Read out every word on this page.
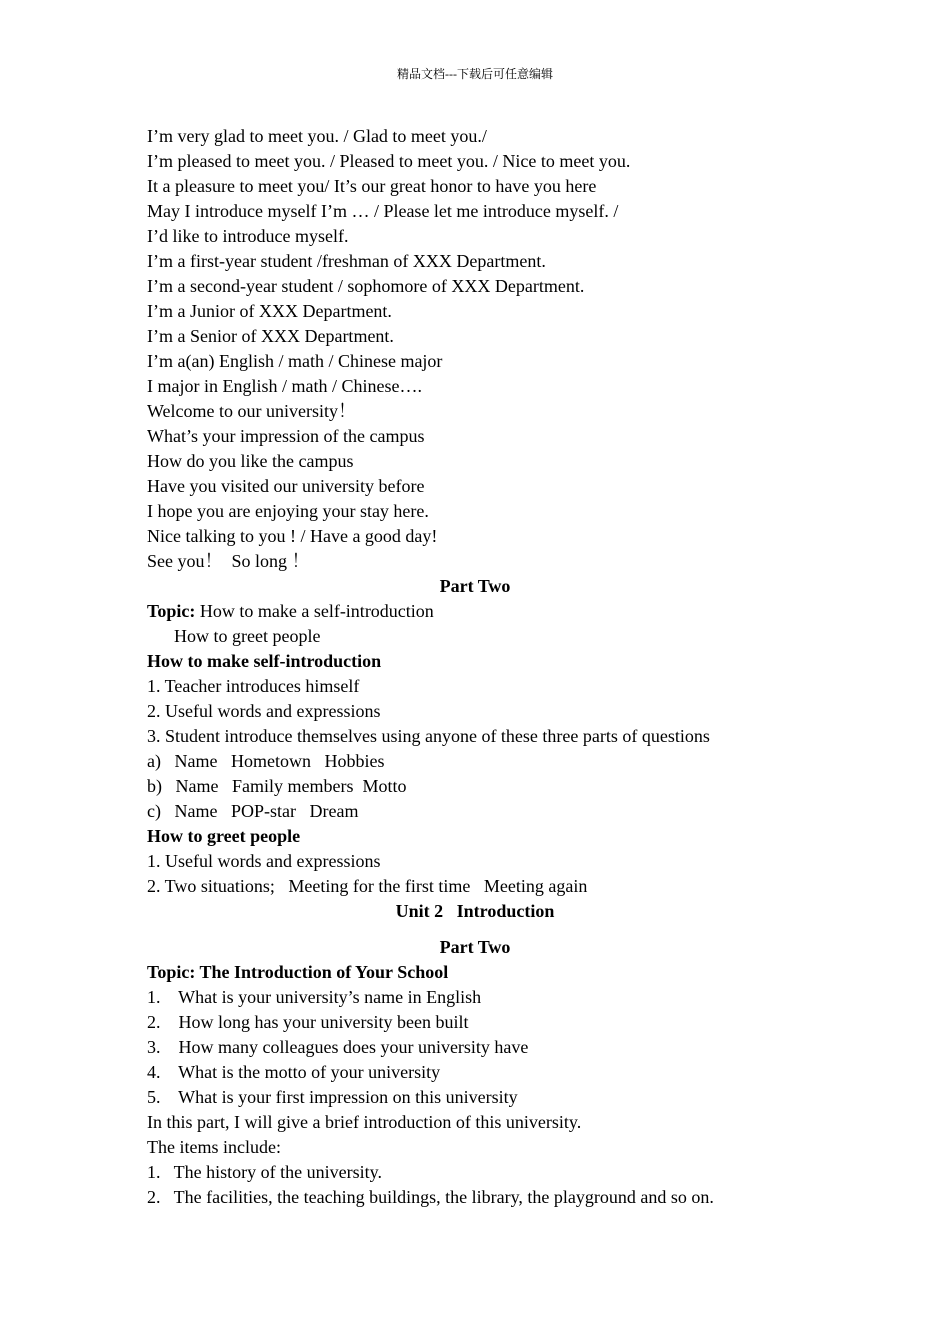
精品文档---下载后可任意编辑
I’m very glad to meet you. / Glad to meet you./
I’m pleased to meet you. / Pleased to meet you. / Nice to meet you.
It a pleasure to meet you/ It’s our great honor to have you here
May I introduce myself I’m … / Please let me introduce myself. /
I’d like to introduce myself.
I’m a first-year student /freshman of XXX Department.
I’m a second-year student / sophomore of XXX Department.
I’m a Junior of XXX Department.
I’m a Senior of XXX Department.
I’m a(an) English / math / Chinese major
I major in English / math / Chinese….
Welcome to our university！
What’s your impression of the campus
How do you like the campus
Have you visited our university before
I hope you are enjoying your stay here.
Nice talking to you ! / Have a good day!
See you！  So long ！
Part Two
Topic: How to make a self-introduction
How to greet people
How to make self-introduction
1. Teacher introduces himself
2. Useful words and expressions
3. Student introduce themselves using anyone of these three parts of questions
a)   Name   Hometown   Hobbies
b)   Name   Family members  Motto
c)   Name   POP-star   Dream
How to greet people
1. Useful words and expressions
2. Two situations;   Meeting for the first time   Meeting again
Unit 2   Introduction
Part Two
Topic: The Introduction of Your School
1.    What is your university’s name in English
2.    How long has your university been built
3.    How many colleagues does your university have
4.    What is the motto of your university
5.    What is your first impression on this university
In this part, I will give a brief introduction of this university.
The items include:
1.   The history of the university.
2.   The facilities, the teaching buildings, the library, the playground and so on.
